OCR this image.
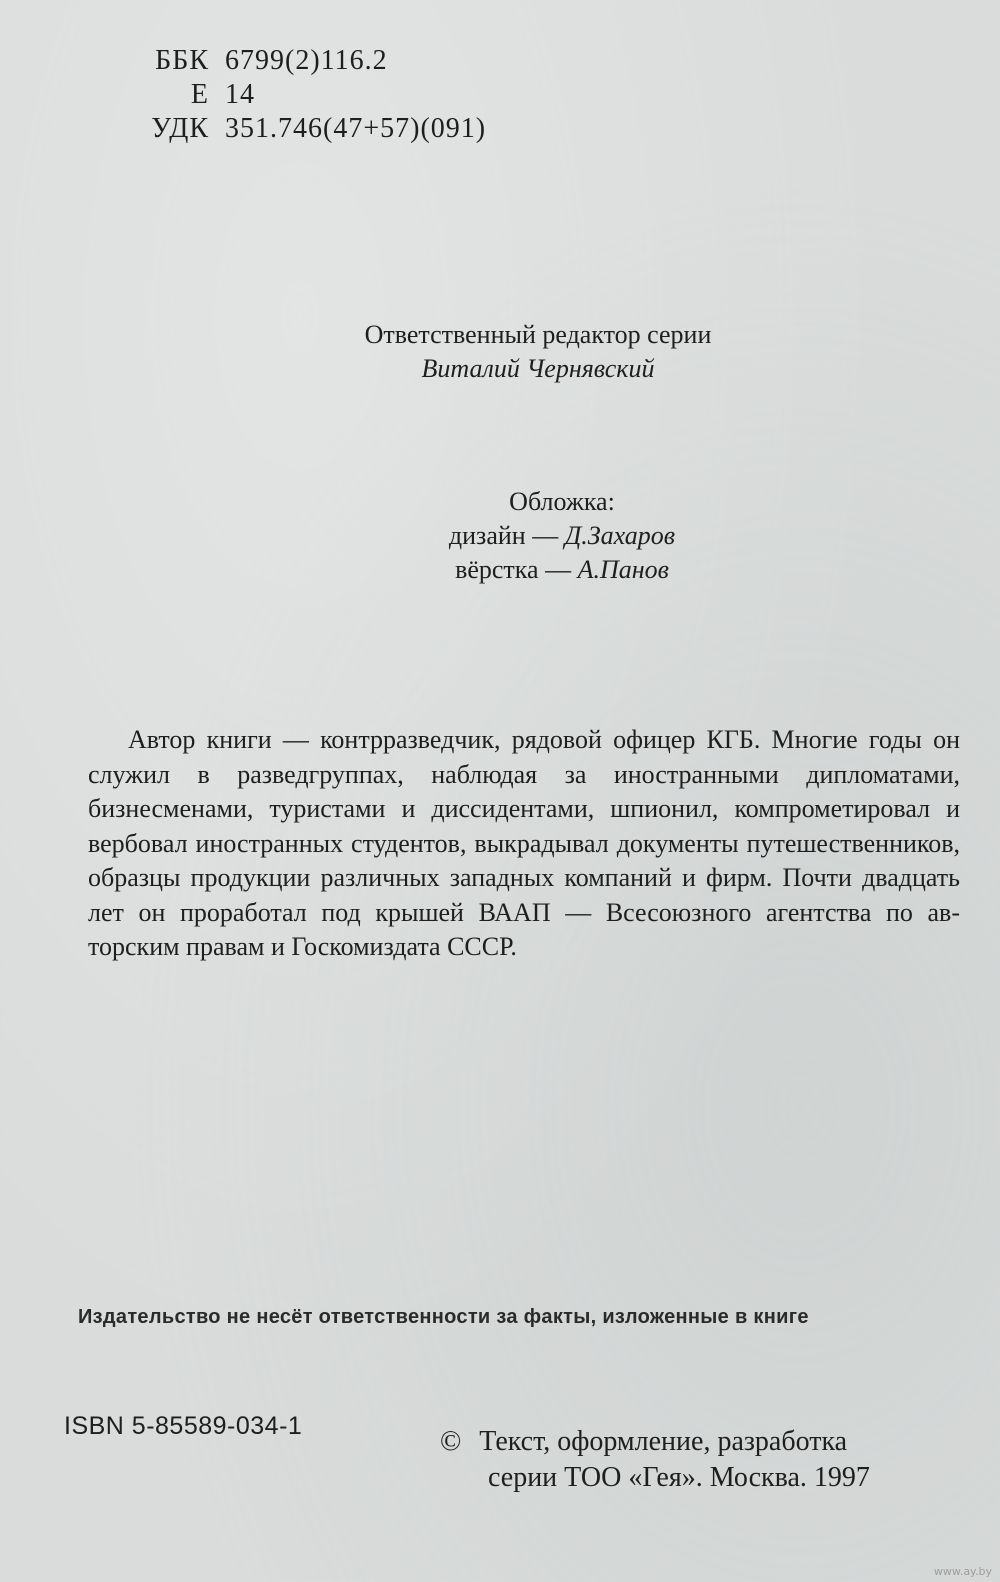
ББК 6799(2)116.2
Е 14
УДК 351.746(47+57)(091)
Ответственный редактор серии
Виталий Чернявский
Обложка:
дизайн — Д.Захаров
вёрстка — А.Панов
Автор книги — контрразведчик, рядовой офицер КГБ. Многие годы он служил в разведгруппах, наблюдая за иностранными дипломатами, бизнесменами, туристами и диссидентами, шпионил, компрометировал и вербовал иностранных студентов, выкрадывал документы путешественников, образцы продукции различных западных компаний и фирм. Почти двадцать лет он проработал под крышей ВААП — Всесоюзного агентства по авторским правам и Госкомиздата СССР.
Издательство не несёт ответственности за факты, изложенные в книге
ISBN 5-85589-034-1	© Текст, оформление, разработка
серии ТОО «Гея». Москва. 1997
www.ay.by
